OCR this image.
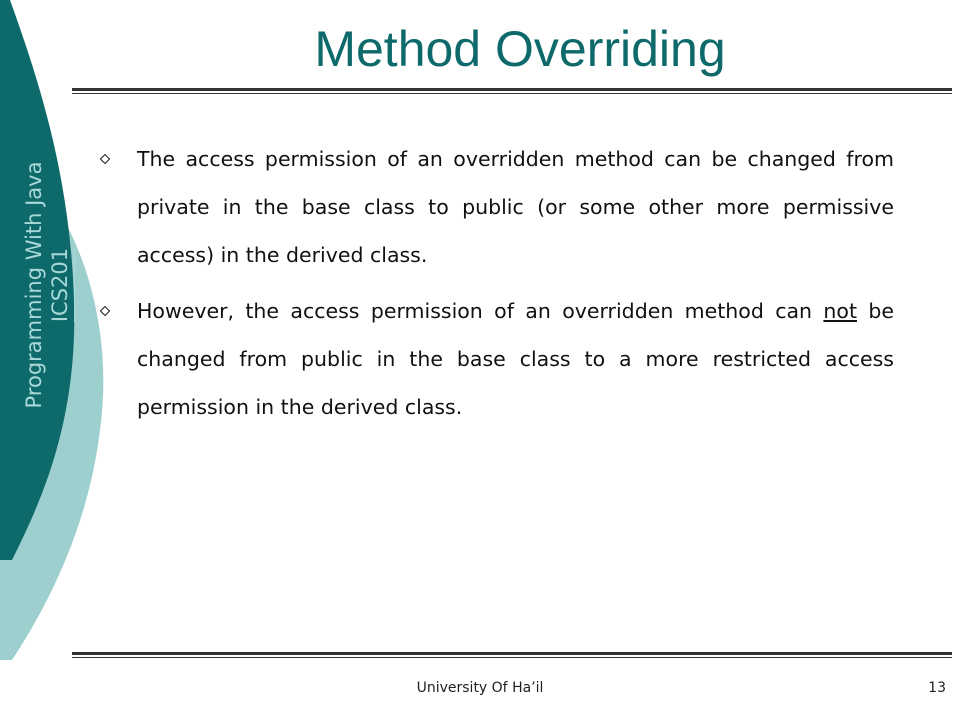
Programming With Java ICS201
Method Overriding
The access permission of an overridden method can be changed from private in the base class to public (or some other more permissive access) in the derived class.
However, the access permission of an overridden method can not be changed from public in the base class to a more restricted access permission in the derived class.
University Of Ha’il	13
